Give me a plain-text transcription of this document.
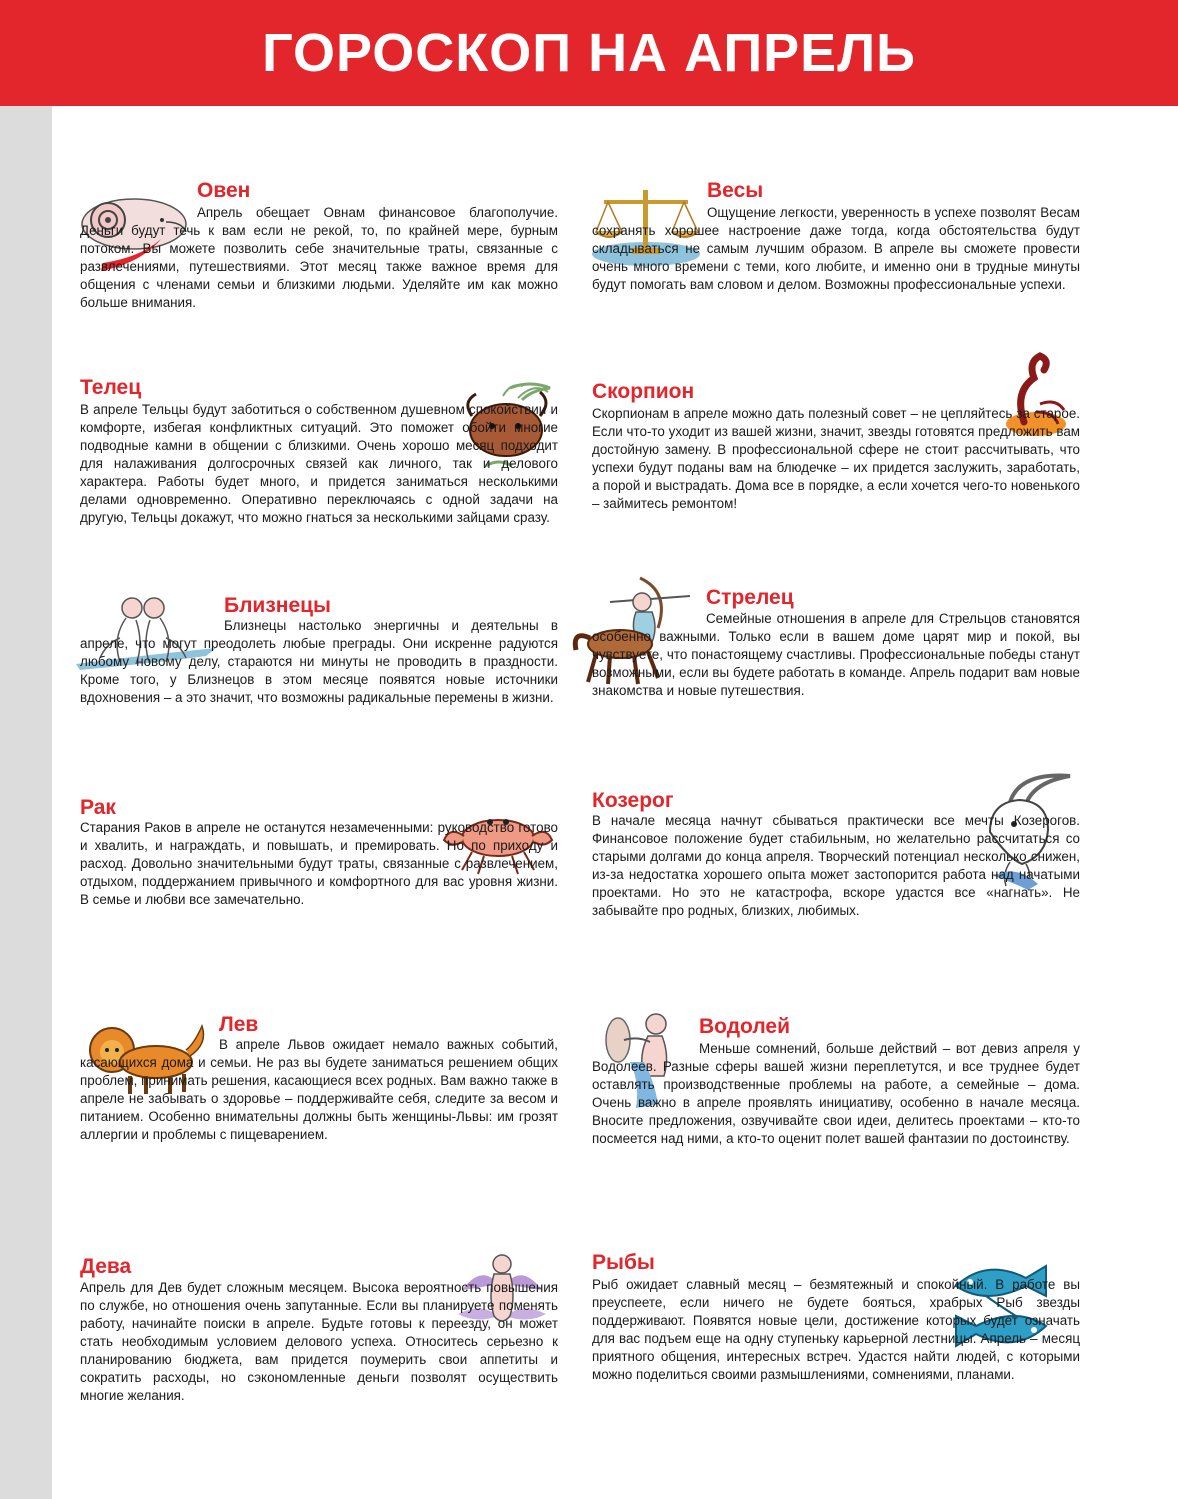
ГОРОСКОП НА АПРЕЛЬ
Овен
Апрель обещает Овнам финансовое благополучие. Деньги будут течь к вам если не рекой, то, по крайней мере, бурным потоком. Вы можете позволить себе значительные траты, связанные с развлечениями, путешествиями. Этот месяц также важное время для общения с членами семьи и близкими людьми. Уделяйте им как можно больше внимания.
Телец
В апреле Тельцы будут заботиться о собственном душевном спокойствии и комфорте, избегая конфликтных ситуаций. Это поможет обойти многие подводные камни в общении с близкими. Очень хорошо месяц подходит для налаживания долгосрочных связей как личного, так и делового характера. Работы будет много, и придется заниматься несколькими делами одновременно. Оперативно переключаясь с одной задачи на другую, Тельцы докажут, что можно гнаться за несколькими зайцами сразу.
Близнецы
Близнецы настолько энергичны и деятельны в апреле, что могут преодолеть любые преграды. Они искренне радуются любому новому делу, стараются ни минуты не проводить в праздности. Кроме того, у Близнецов в этом месяце появятся новые источники вдохновения – а это значит, что возможны радикальные перемены в жизни.
Рак
Старания Раков в апреле не останутся незамеченными: руководство готово и хвалить, и награждать, и повышать, и премировать. Но по приходу и расход. Довольно значительными будут траты, связанные с развлечением, отдыхом, поддержанием привычного и комфортного для вас уровня жизни. В семье и любви все замечательно.
Лев
В апреле Львов ожидает немало важных событий, касающихся дома и семьи. Не раз вы будете заниматься решением общих проблем, принимать решения, касающиеся всех родных. Вам важно также в апреле не забывать о здоровье – поддерживайте себя, следите за весом и питанием. Особенно внимательны должны быть женщины-Львы: им грозят аллергии и проблемы с пищеварением.
Дева
Апрель для Дев будет сложным месяцем. Высока вероятность повышения по службе, но отношения очень запутанные. Если вы планируете поменять работу, начинайте поиски в апреле. Будьте готовы к переезду, он может стать необходимым условием делового успеха. Относитесь серьезно к планированию бюджета, вам придется поумерить свои аппетиты и сократить расходы, но сэкономленные деньги позволят осуществить многие желания.
Весы
Ощущение легкости, уверенность в успехе позволят Весам сохранять хорошее настроение даже тогда, когда обстоятельства будут складываться не самым лучшим образом. В апреле вы сможете провести очень много времени с теми, кого любите, и именно они в трудные минуты будут помогать вам словом и делом. Возможны профессиональные успехи.
Скорпион
Скорпионам в апреле можно дать полезный совет – не цепляйтесь за старое. Если что-то уходит из вашей жизни, значит, звезды готовятся предложить вам достойную замену. В профессиональной сфере не стоит рассчитывать, что успехи будут поданы вам на блюдечке – их придется заслужить, заработать, а порой и выстрадать. Дома все в порядке, а если хочется чего-то новенького – займитесь ремонтом!
Стрелец
Семейные отношения в апреле для Стрельцов становятся особенно важными. Только если в вашем доме царят мир и покой, вы чувствуете, что понастоящему счастливы. Профессиональные победы станут возможными, если вы будете работать в команде. Апрель подарит вам новые знакомства и новые путешествия.
Козерог
В начале месяца начнут сбываться практически все мечты Козерогов. Финансовое положение будет стабильным, но желательно рассчитаться со старыми долгами до конца апреля. Творческий потенциал несколько снижен, из-за недостатка хорошего опыта может застопорится работа над начатыми проектами. Но это не катастрофа, вскоре удастся все «нагнать». Не забывайте про родных, близких, любимых.
Водолей
Меньше сомнений, больше действий – вот девиз апреля у Водолеев. Разные сферы вашей жизни переплетутся, и все труднее будет оставлять производственные проблемы на работе, а семейные – дома. Очень важно в апреле проявлять инициативу, особенно в начале месяца. Вносите предложения, озвучивайте свои идеи, делитесь проектами – кто-то посмеется над ними, а кто-то оценит полет вашей фантазии по достоинству.
Рыбы
Рыб ожидает славный месяц – безмятежный и спокойный. В работе вы преуспеете, если ничего не будете бояться, храбрых Рыб звезды поддерживают. Появятся новые цели, достижение которых будет означать для вас подъем еще на одну ступеньку карьерной лестницы. Апрель – месяц приятного общения, интересных встреч. Удастся найти людей, с которыми можно поделиться своими размышлениями, сомнениями, планами.
